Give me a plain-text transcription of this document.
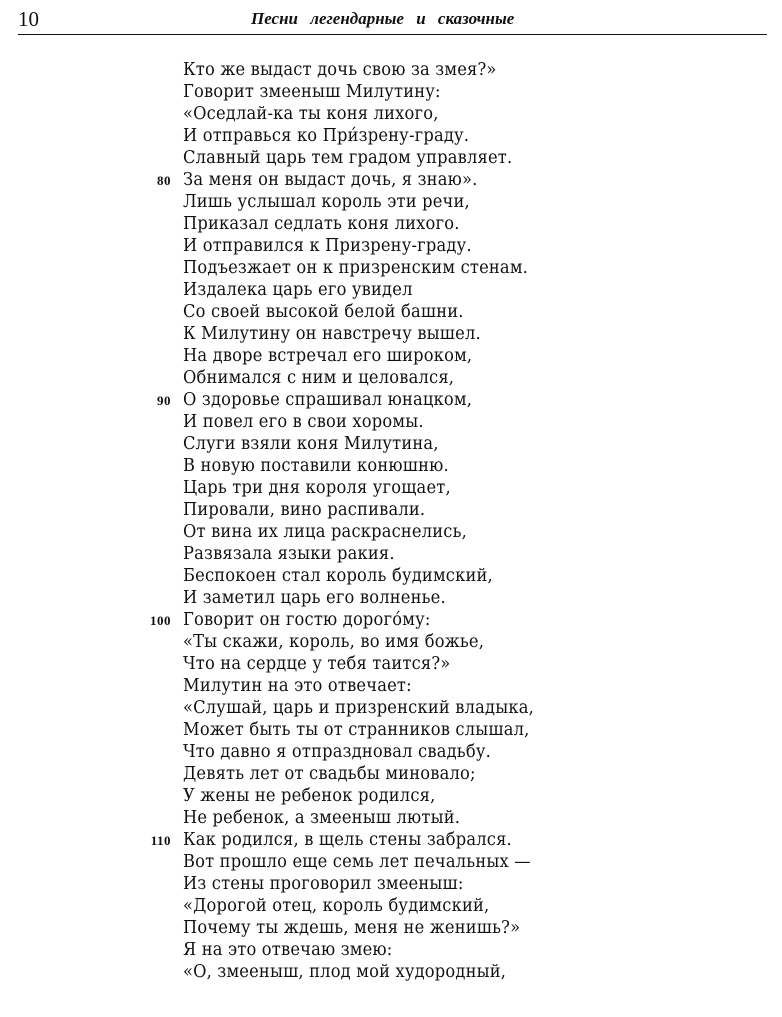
10	Песни легендарные и сказочные
Кто же выдаст дочь свою за змея?»
Говорит змееныш Милутину:
«Оседлай-ка ты коня лихого,
И отправься ко При́зрену-граду.
Славный царь тем градом управляет.
80 За меня он выдаст дочь, я знаю».
Лишь услышал король эти речи,
Приказал седлать коня лихого.
И отправился к Призрену-граду.
Подъезжает он к призренским стенам.
Издалека царь его увидел
Со своей высокой белой башни.
К Милутину он навстречу вышел.
На дворе встречал его широком,
Обнимался с ним и целовался,
90 О здоровье спрашивал юнацком,
И повел его в свои хоромы.
Слуги взяли коня Милутина,
В новую поставили конюшню.
Царь три дня короля угощает,
Пировали, вино распивали.
От вина их лица раскраснелись,
Развязала языки ракия.
Беспокоен стал король будимский,
И заметил царь его волненье.
100 Говорит он гостю дорого́му:
«Ты скажи, король, во имя божье,
Что на сердце у тебя таится?»
Милутин на это отвечает:
«Слушай, царь и призренский владыка,
Может быть ты от странников слышал,
Что давно я отпраздновал свадьбу.
Девять лет от свадьбы миновало;
У жены не ребенок родился,
Не ребенок, а змееныш лютый.
110 Как родился, в щель стены забрался.
Вот прошло еще семь лет печальных —
Из стены проговорил змееныш:
«Дорогой отец, король будимский,
Почему ты ждешь, меня не женишь?»
Я на это отвечаю змею:
«О, змееныш, плод мой худородный,
